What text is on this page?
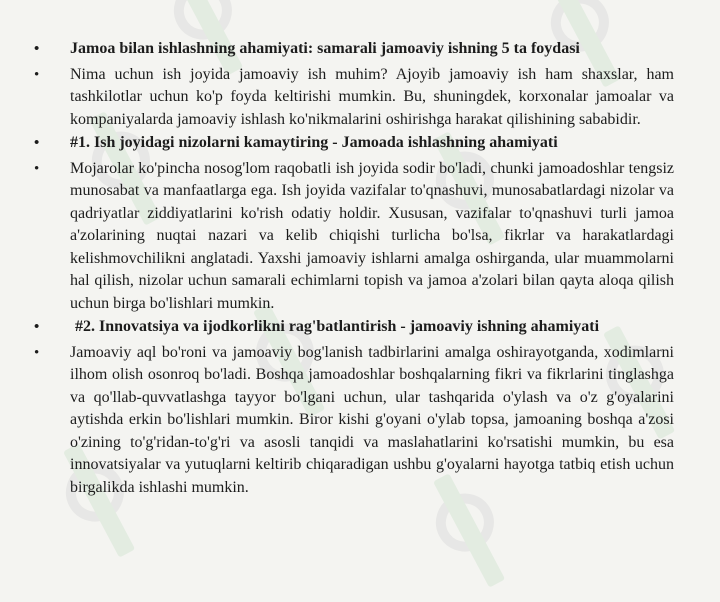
• Jamoa bilan ishlashning ahamiyati: samarali jamoaviy ishning 5 ta foydasi
• Nima uchun ish joyida jamoaviy ish muhim? Ajoyib jamoaviy ish ham shaxslar, ham tashkilotlar uchun ko'p foyda keltirishi mumkin. Bu, shuningdek, korxonalar jamoalar va kompaniyalarda jamoaviy ishlash ko'nikmalarini oshirishga harakat qilishining sababidir.
• #1. Ish joyidagi nizolarni kamaytiring - Jamoada ishlashning ahamiyati
• Mojarolar ko'pincha nosog'lom raqobatli ish joyida sodir bo'ladi, chunki jamoadoshlar tengsiz munosabat va manfaatlarga ega. Ish joyida vazifalar to'qnashuvi, munosabatlardagi nizolar va qadriyatlar ziddiyatlarini ko'rish odatiy holdir. Xususan, vazifalar to'qnashuvi turli jamoa a'zolarining nuqtai nazari va kelib chiqishi turlicha bo'lsa, fikrlar va harakatlardagi kelishmovchilikni anglatadi. Yaxshi jamoaviy ishlarni amalga oshirganda, ular muammolarni hal qilish, nizolar uchun samarali echimlarni topish va jamoa a'zolari bilan qayta aloqa qilish uchun birga bo'lishlari mumkin.
• #2. Innovatsiya va ijodkorlikni rag'batlantirish - jamoaviy ishning ahamiyati
• Jamoaviy aql bo'roni va jamoaviy bog'lanish tadbirlarini amalga oshirayotganda, xodimlarni ilhom olish osonroq bo'ladi. Boshqa jamoadoshlar boshqalarning fikri va fikrlarini tinglashga va qo'llab-quvvatlashga tayyor bo'lgani uchun, ular tashqarida o'ylash va o'z g'oyalarini aytishda erkin bo'lishlari mumkin. Biror kishi g'oyani o'ylab topsa, jamoaning boshqa a'zosi o'zining to'g'ridan-to'g'ri va asosli tanqidi va maslahatlarini ko'rsatishi mumkin, bu esa innovatsiyalar va yutuqlarni keltirib chiqaradigan ushbu g'oyalarni hayotga tatbiq etish uchun birgalikda ishlashi mumkin.
